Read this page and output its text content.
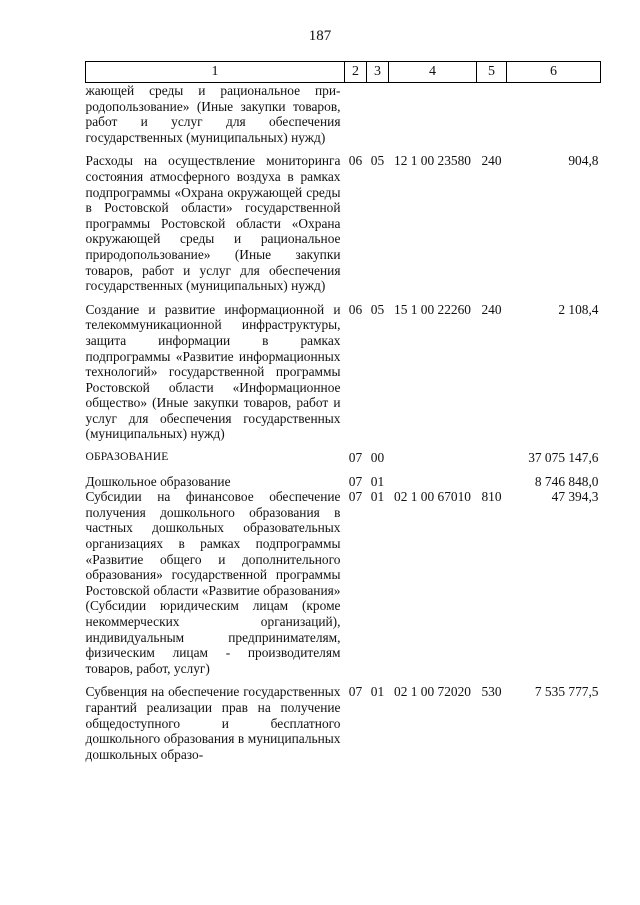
187
1	2	3	4	5	6
жающей среды и рациональное природопользование» (Иные закупки товаров, работ и услуг для обеспечения государственных (муниципальных) нужд)					

Расходы на осуществление мониторинга состояния атмосферного воздуха в рамках подпрограммы «Охрана окружающей среды в Ростовской области» государственной программы Ростовской области «Охрана окружающей среды и рациональное природопользование» (Иные закупки товаров, работ и услуг для обеспечения государственных (муниципальных) нужд)	06	05	12 1 00 23580	240	904,8

Создание и развитие информационной и телекоммуникационной инфраструктуры, защита информации в рамках подпрограммы «Развитие информационных технологий» государственной программы Ростовской области «Информационное общество» (Иные закупки товаров, работ и услуг для обеспечения государственных (муниципальных) нужд)	06	05	15 1 00 22260	240	2 108,4

ОБРАЗОВАНИЕ	07	00			37 075 147,6

Дошкольное образование	07	01			8 746 848,0
Субсидии на финансовое обеспечение получения дошкольного образования в частных дошкольных образовательных организациях в рамках подпрограммы «Развитие общего и дополнительного образования» государственной программы Ростовской области «Развитие образования» (Субсидии юридическим лицам (кроме некоммерческих организаций), индивидуальным предпринимателям, физическим лицам - производителям товаров, работ, услуг)	07	01	02 1 00 67010	810	47 394,3

Субвенция на обеспечение государственных гарантий реализации прав на получение общедоступного и бесплатного дошкольного образования в муниципальных дошкольных образо-	07	01	02 1 00 72020	530	7 535 777,5
